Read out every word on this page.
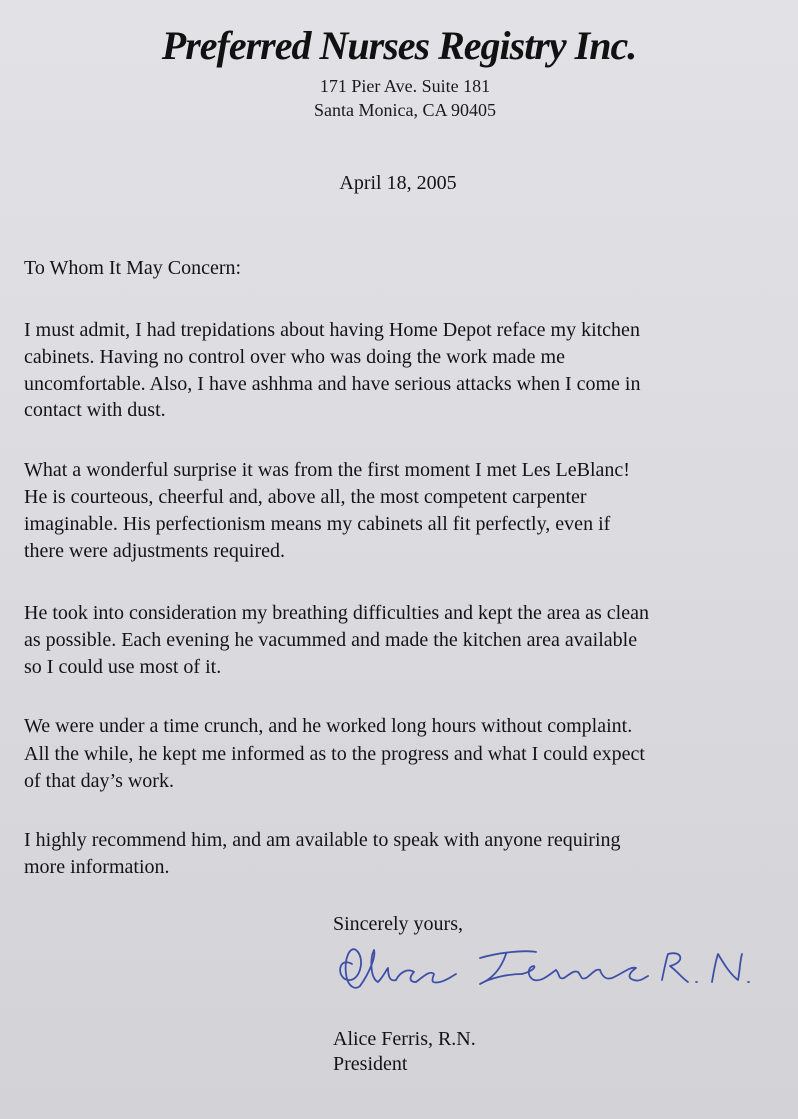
Preferred Nurses Registry Inc.
171 Pier Ave. Suite 181
Santa Monica, CA 90405
April 18, 2005
To Whom It May Concern:
I must admit, I had trepidations about having Home Depot reface my kitchen
cabinets. Having no control over who was doing the work made me
uncomfortable. Also, I have ashhma and have serious attacks when I come in
contact with dust.
What a wonderful surprise it was from the first moment I met Les LeBlanc!
He is courteous, cheerful and, above all, the most competent carpenter
imaginable. His perfectionism means my cabinets all fit perfectly, even if
there were adjustments required.
He took into consideration my breathing difficulties and kept the area as clean
as possible. Each evening he vacummed and made the kitchen area available
so I could use most of it.
We were under a time crunch, and he worked long hours without complaint.
All the while, he kept me informed as to the progress and what I could expect
of that day’s work.
I highly recommend him, and am available to speak with anyone requiring
more information.
Sincerely yours,
Alice Ferris, R.N.
President
